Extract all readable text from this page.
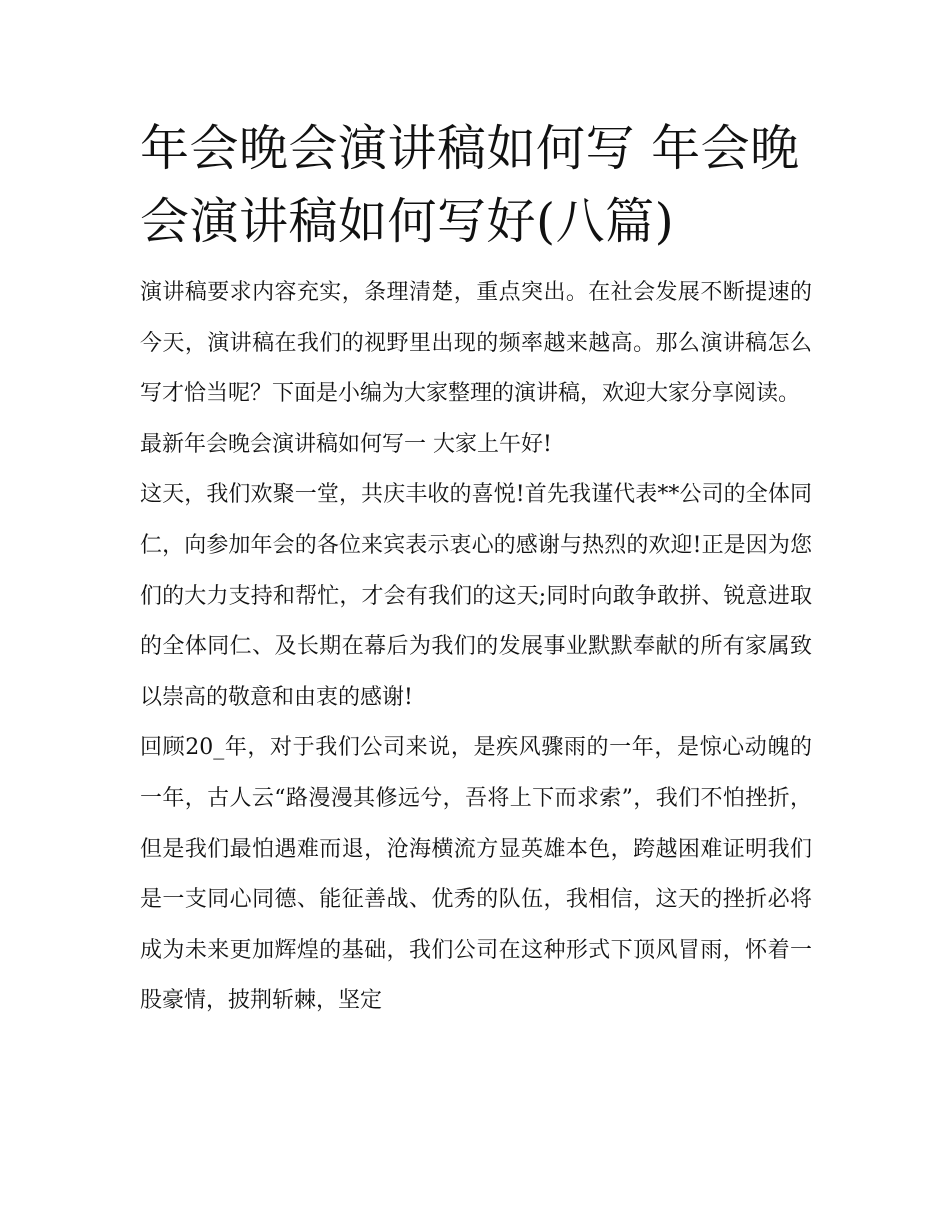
年会晚会演讲稿如何写 年会晚会演讲稿如何写好(八篇)

演讲稿要求内容充实，条理清楚，重点突出。在社会发展不断提速的今天，演讲稿在我们的视野里出现的频率越来越高。那么演讲稿怎么写才恰当呢？下面是小编为大家整理的演讲稿，欢迎大家分享阅读。

最新年会晚会演讲稿如何写一 大家上午好!

这天，我们欢聚一堂，共庆丰收的喜悦!首先我谨代表**公司的全体同仁，向参加年会的各位来宾表示衷心的感谢与热烈的欢迎!正是因为您们的大力支持和帮忙，才会有我们的这天;同时向敢争敢拼、锐意进取的全体同仁、及长期在幕后为我们的发展事业默默奉献的所有家属致以崇高的敬意和由衷的感谢!

回顾20_年，对于我们公司来说，是疾风骤雨的一年，是惊心动魄的一年，古人云“路漫漫其修远兮，吾将上下而求索”，我们不怕挫折，但是我们最怕遇难而退，沧海横流方显英雄本色，跨越困难证明我们是一支同心同德、能征善战、优秀的队伍，我相信，这天的挫折必将成为未来更加辉煌的基础，我们公司在这种形式下顶风冒雨，怀着一股豪情，披荆斩棘，坚定
